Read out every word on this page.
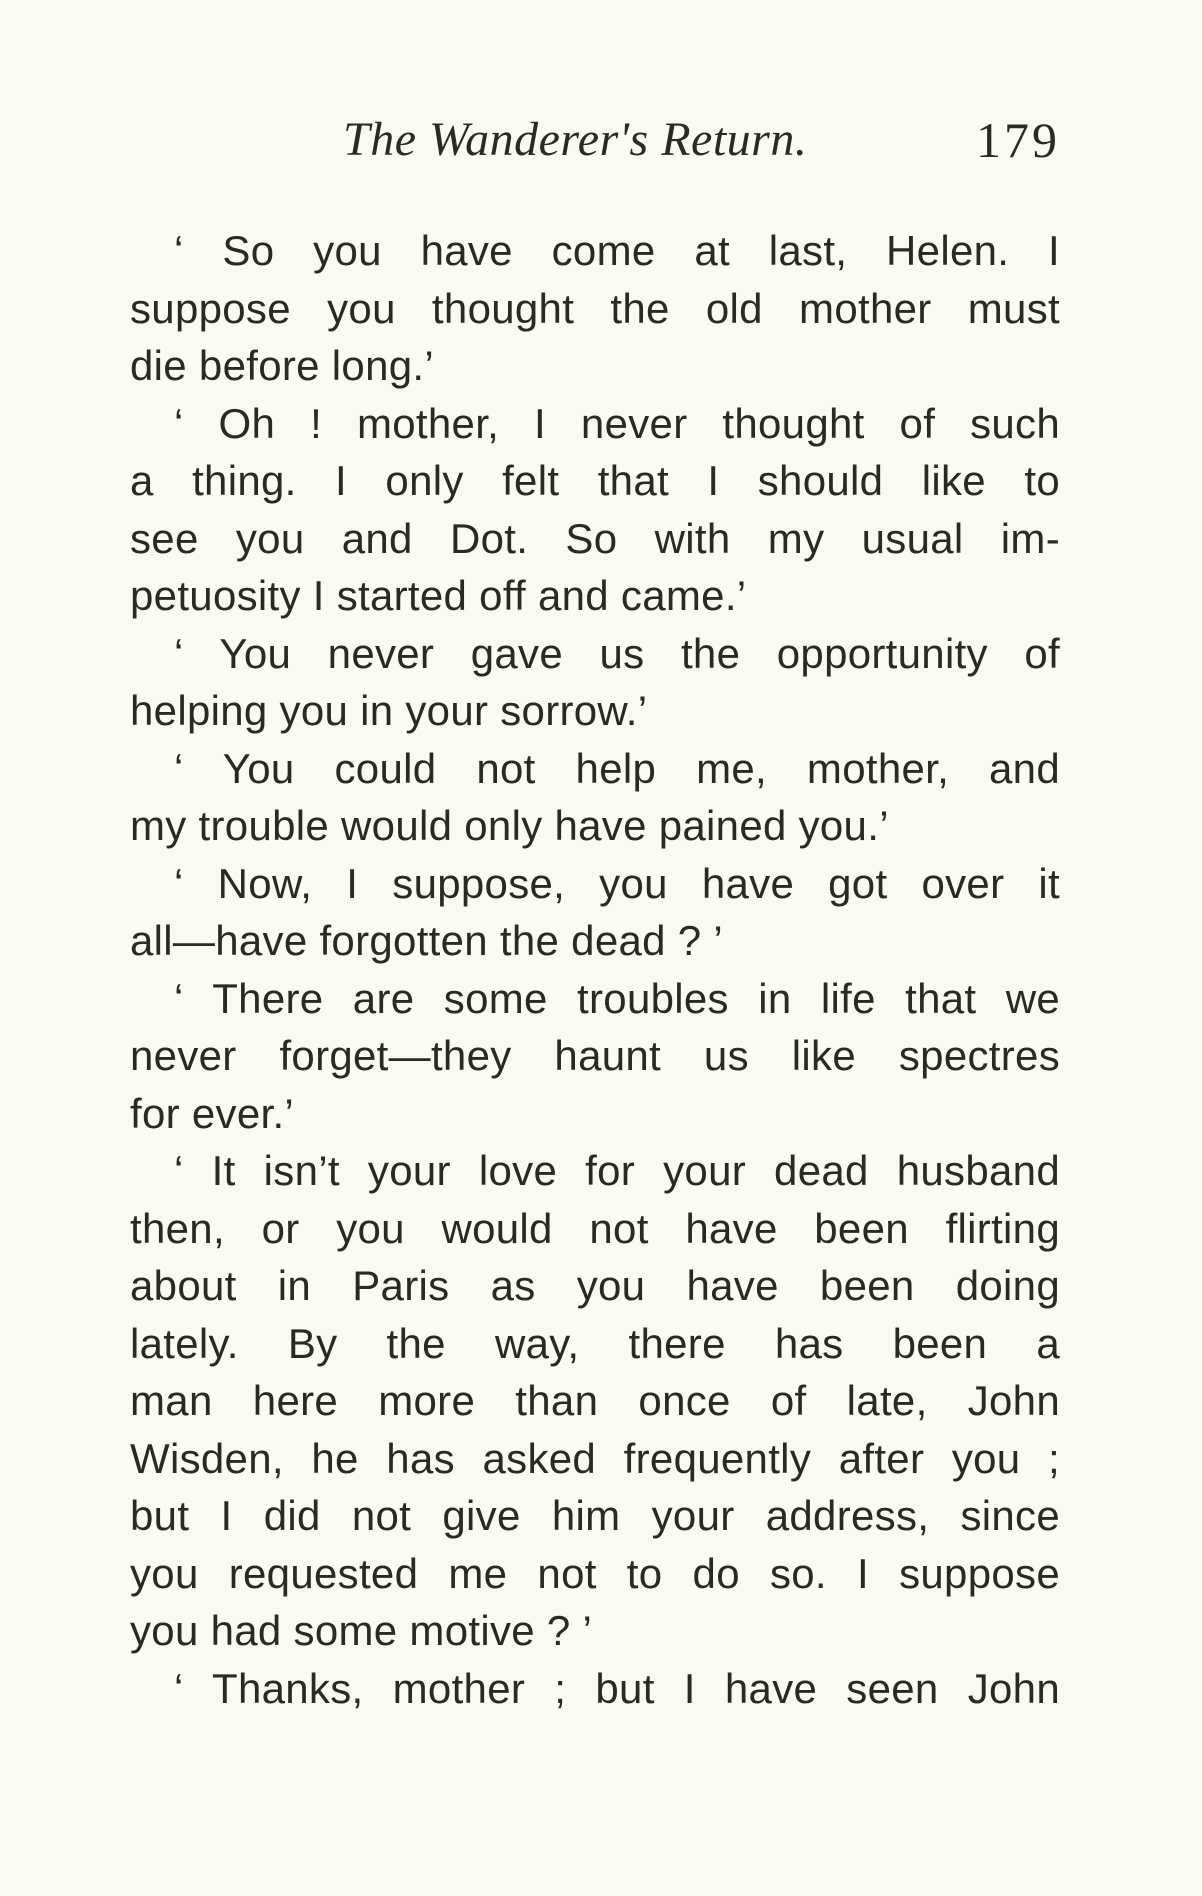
The Wanderer's Return.	179
‘ So you have come at last, Helen. I
suppose you thought the old mother must
die before long.’
‘ Oh ! mother, I never thought of such
a thing. I only felt that I should like to
see you and Dot. So with my usual im-
petuosity I started off and came.’
‘ You never gave us the opportunity of
helping you in your sorrow.’
‘ You could not help me, mother, and
my trouble would only have pained you.’
‘ Now, I suppose, you have got over it
all—have forgotten the dead ? ’
‘ There are some troubles in life that we
never forget—they haunt us like spectres
for ever.’
‘ It isn’t your love for your dead husband
then, or you would not have been flirting
about in Paris as you have been doing
lately. By the way, there has been a
man here more than once of late, John
Wisden, he has asked frequently after you ;
but I did not give him your address, since
you requested me not to do so. I suppose
you had some motive ? ’
‘ Thanks, mother ; but I have seen John
